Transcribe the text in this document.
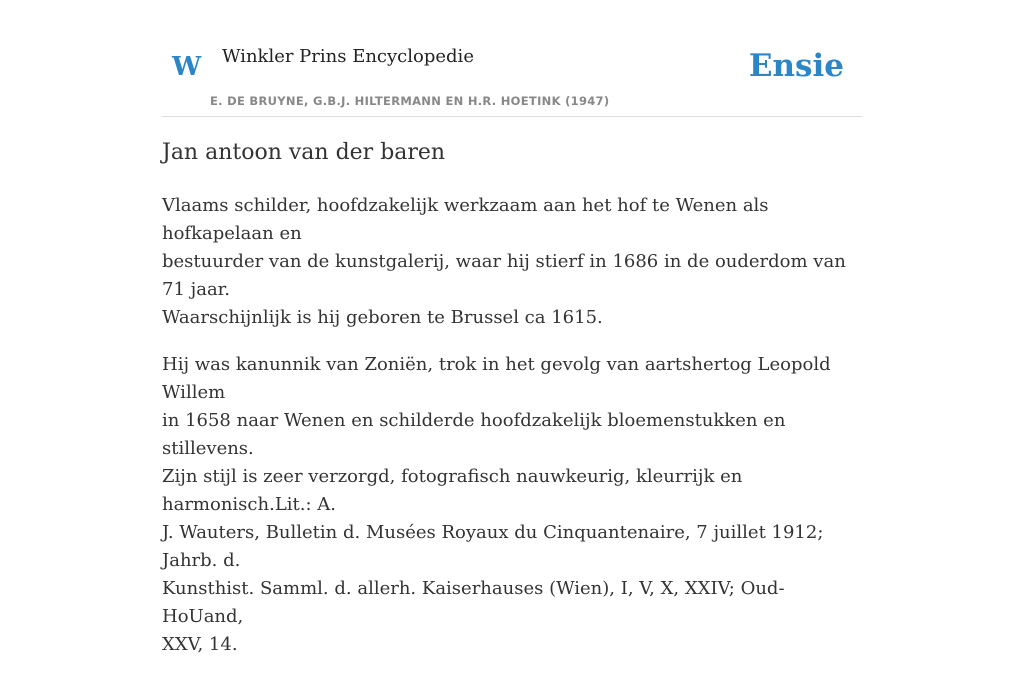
W Winkler Prins Encyclopedie
E. DE BRUYNE, G.B.J. HILTERMANN EN H.R. HOETINK (1947)
Ensie
Jan antoon van der baren

Vlaams schilder, hoofdzakelijk werkzaam aan het hof te Wenen als hofkapelaan en
bestuurder van de kunstgalerij, waar hij stierf in 1686 in de ouderdom van 71 jaar.
Waarschijnlijk is hij geboren te Brussel ca 1615.

Hij was kanunnik van Zoniën, trok in het gevolg van aartshertog Leopold Willem
in 1658 naar Wenen en schilderde hoofdzakelijk bloemenstukken en stillevens.
Zijn stijl is zeer verzorgd, fotografisch nauwkeurig, kleurrijk en harmonisch.Lit.: A.
J. Wauters, Bulletin d. Musées Royaux du Cinquantenaire, 7 juillet 1912; Jahrb. d.
Kunsthist. Samml. d. allerh. Kaiserhauses (Wien), I, V, X, XXIV; Oud-HoUand,
XXV, 14.
